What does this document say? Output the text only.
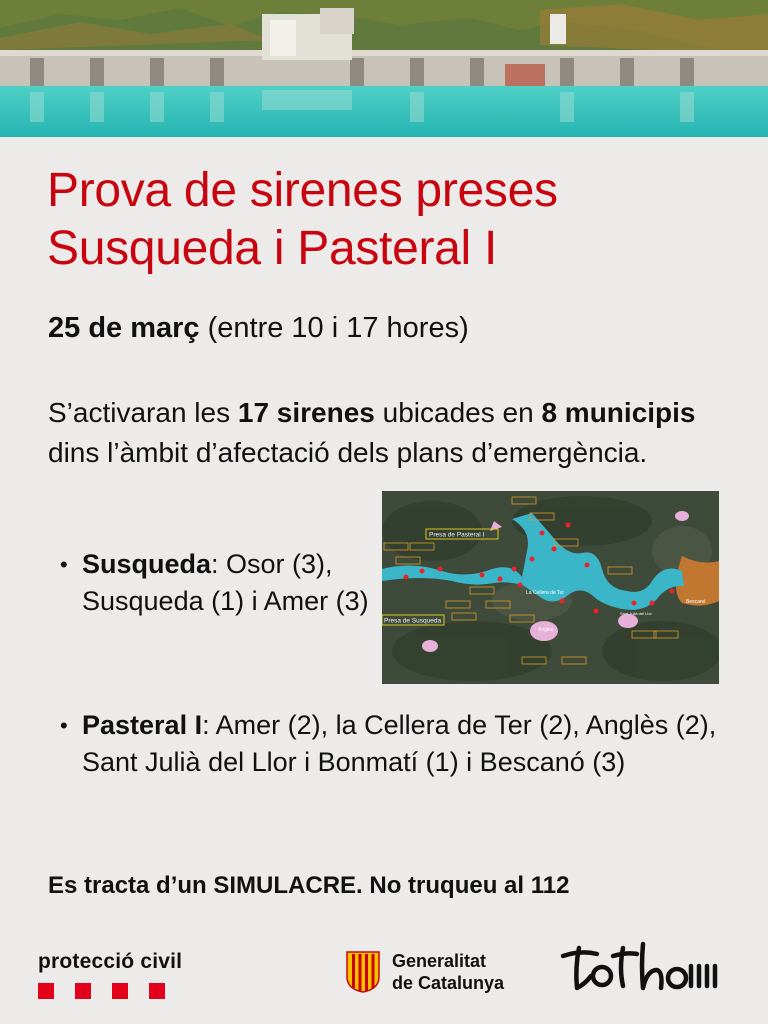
Prova de sirenes preses
Susqueda i Pasteral I
25 de març (entre 10 i 17 hores)
S’activaran les 17 sirenes ubicades en 8 municipis dins l’àmbit d’afectació dels plans d’emergència.
Presa de Pasteral I
Presa de Susqueda
La Cellera de Ter
Anglès
Bescanó
Sant Julià del Llor
• Susqueda: Osor (3), Susqueda (1) i Amer (3)
• Pasteral I: Amer (2), la Cellera de Ter (2), Anglès (2), Sant Julià del Llor i Bonmatí (1) i Bescanó (3)
Es tracta d’un SIMULACRE. No truqueu al 112
protecció civil	Generalitat
de Catalunya
